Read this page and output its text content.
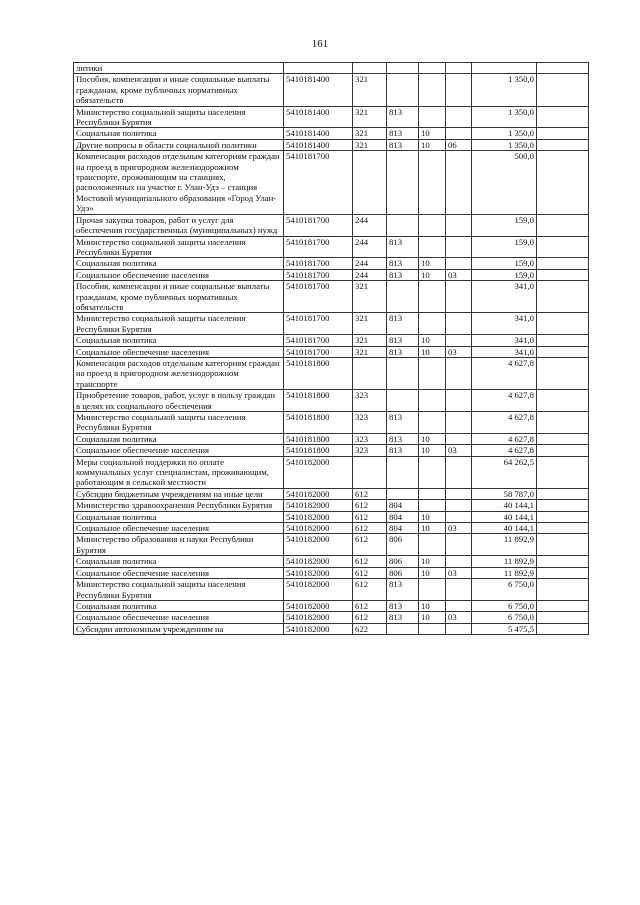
161
литики							
Пособия, компенсации и иные социальные выплаты гражданам, кроме публичных нормативных обязательств	5410181400	321				1 350,0	
Министерство социальной защиты населения Республики Бурятия	5410181400	321	813			1 350,0	
Социальная политика	5410181400	321	813	10		1 350,0	
Другие вопросы в области социальной политики	5410181400	321	813	10	06	1 350,0	
Компенсация расходов отдельным категориям граждан на проезд в пригородном железнодорожном транспорте, проживающим на станциях, расположенных на участке г. Улан-Удэ – станция Мостовой муниципального образования «Город Улан-Удэ»	5410181700					500,0	
Прочая закупка товаров, работ и услуг для обеспечения государственных (муниципальных) нужд	5410181700	244				159,0	
Министерство социальной защиты населения Республики Бурятия	5410181700	244	813			159,0	
Социальная политика	5410181700	244	813	10		159,0	
Социальное обеспечение населения	5410181700	244	813	10	03	159,0	
Пособия, компенсации и иные социальные выплаты гражданам, кроме публичных нормативных обязательств	5410181700	321				341,0	
Министерство социальной защиты населения Республики Бурятия	5410181700	321	813			341,0	
Социальная политика	5410181700	321	813	10		341,0	
Социальное обеспечение населения	5410181700	321	813	10	03	341,0	
Компенсация расходов отдельным категориям граждан на проезд в пригородном железнодорожном транспорте	5410181800					4 627,8	
Приобретение товаров, работ, услуг в пользу граждан в целях их социального обеспечения	5410181800	323				4 627,8	
Министерство социальной защиты населения Республики Бурятия	5410181800	323	813			4 627,8	
Социальная политика	5410181800	323	813	10		4 627,8	
Социальное обеспечение населения	5410181800	323	813	10	03	4 627,8	
Меры социальной поддержки по оплате коммунальных услуг специалистам, проживающим, работающим в сельской местности	5410182000					64 262,5	
Субсидии бюджетным учреждениям на иные цели	5410182000	612				58 787,0	
Министерство здравоохранения Республики Бурятия	5410182000	612	804			40 144,1	
Социальная политика	5410182000	612	804	10		40 144,1	
Социальное обеспечение населения	5410182000	612	804	10	03	40 144,1	
Министерство образования и науки Республики Бурятия	5410182000	612	806			11 892,9	
Социальная политика	5410182000	612	806	10		11 892,9	
Социальное обеспечение населения	5410182000	612	806	10	03	11 892,9	
Министерство социальной защиты населения Республики Бурятия	5410182000	612	813			6 750,0	
Социальная политика	5410182000	612	813	10		6 750,0	
Социальное обеспечение населения	5410182000	612	813	10	03	6 750,0	
Субсидии автономным учреждениям на	5410182000	622				5 475,5	
